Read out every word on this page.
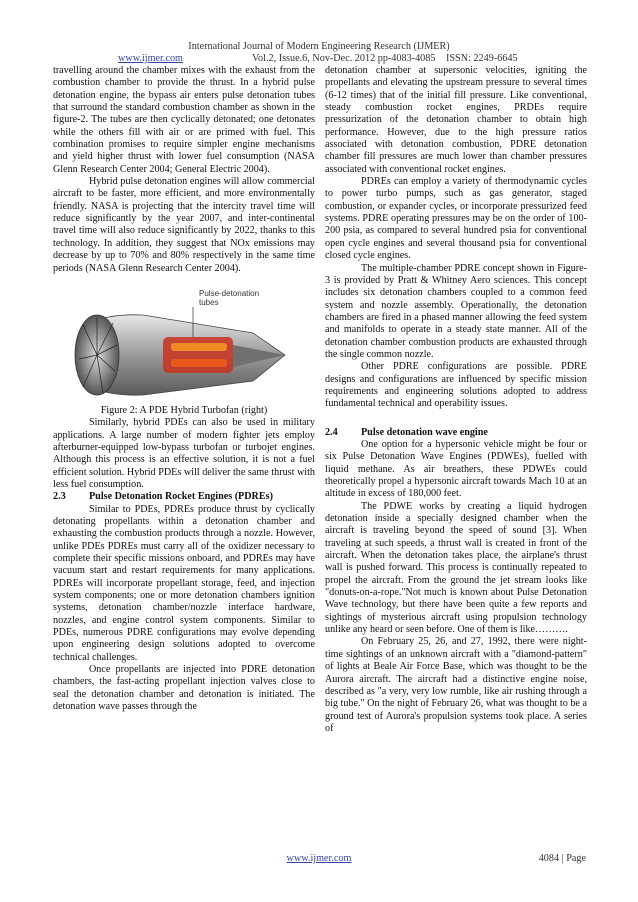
International Journal of Modern Engineering Research (IJMER)
www.ijmer.com	Vol.2, Issue.6, Nov-Dec. 2012 pp-4083-4085 ISSN: 2249-6645

travelling around the chamber mixes with the exhaust from the combustion chamber to provide the thrust. In a hybrid pulse detonation engine, the bypass air enters pulse detonation tubes that surround the standard combustion chamber as shown in the figure-2. The tubes are then cyclically detonated; one detonates while the others fill with air or are primed with fuel. This combination promises to require simpler engine mechanisms and yield higher thrust with lower fuel consumption (NASA Glenn Research Center 2004; General Electric 2004).

Hybrid pulse detonation engines will allow commercial aircraft to be faster, more efficient, and more environmentally friendly. NASA is projecting that the intercity travel time will reduce significantly by the year 2007, and inter-continental travel time will also reduce significantly by 2022, thanks to this technology. In addition, they suggest that NOx emissions may decrease by up to 70% and 80% respectively in the same time periods (NASA Glenn Research Center 2004).

Pulse-detonation tubes

Figure 2: A PDE Hybrid Turbofan (right)

Similarly, hybrid PDEs can also be used in military applications. A large number of modern fighter jets employ afterburner-equipped low-bypass turbofan or turbojet engines. Although this process is an effective solution, it is not a fuel efficient solution. Hybrid PDEs will deliver the same thrust with less fuel consumption.

2.3 Pulse Detonation Rocket Engines (PDREs)

Similar to PDEs, PDREs produce thrust by cyclically detonating propellants within a detonation chamber and exhausting the combustion products through a nozzle. However, unlike PDEs PDREs must carry all of the oxidizer necessary to complete their specific missions onboard, and PDREs may have vacuum start and restart requirements for many applications. PDREs will incorporate propellant storage, feed, and injection system components; one or more detonation chambers ignition systems, detonation chamber/nozzle interface hardware, nozzles, and engine control system components. Similar to PDEs, numerous PDRE configurations may evolve depending upon engineering design solutions adopted to overcome technical challenges.

Once propellants are injected into PDRE detonation chambers, the fast-acting propellant injection valves close to seal the detonation chamber and detonation is initiated. The detonation wave passes through the

detonation chamber at supersonic velocities, igniting the propellants and elevating the upstream pressure to several times (6-12 times) that of the initial fill pressure. Like conventional, steady combustion rocket engines, PRDEs require pressurization of the detonation chamber to obtain high performance. However, due to the high pressure ratios associated with detonation combustion, PDRE detonation chamber fill pressures are much lower than chamber pressures associated with conventional rocket engines.

PDREs can employ a variety of thermodynamic cycles to power turbo pumps, such as gas generator, staged combustion, or expander cycles, or incorporate pressurized feed systems. PDRE operating pressures may be on the order of 100-200 psia, as compared to several hundred psia for conventional open cycle engines and several thousand psia for conventional closed cycle engines.

The multiple-chamber PDRE concept shown in Figure-3 is provided by Pratt & Whitney Aero sciences. This concept includes six detonation chambers coupled to a common feed system and nozzle assembly. Operationally, the detonation chambers are fired in a phased manner allowing the feed system and manifolds to operate in a steady state manner. All of the detonation chamber combustion products are exhausted through the single common nozzle.

Other PDRE configurations are possible. PDRE designs and configurations are influenced by specific mission requirements and engineering solutions adopted to address fundamental technical and operability issues.

2.4 Pulse detonation wave engine

One option for a hypersonic vehicle might be four or six Pulse Detonation Wave Engines (PDWEs), fuelled with liquid methane. As air breathers, these PDWEs could theoretically propel a hypersonic aircraft towards Mach 10 at an altitude in excess of 180,000 feet.

The PDWE works by creating a liquid hydrogen detonation inside a specially designed chamber when the aircraft is traveling beyond the speed of sound [3]. When traveling at such speeds, a thrust wall is created in front of the aircraft. When the detonation takes place, the airplane's thrust wall is pushed forward. This process is continually repeated to propel the aircraft. From the ground the jet stream looks like "donuts-on-a-rope."Not much is known about Pulse Detonation Wave technology, but there have been quite a few reports and sightings of mysterious aircraft using propulsion technology unlike any heard or seen before. One of them is like……….

On February 25, 26, and 27, 1992, there were night-time sightings of an unknown aircraft with a "diamond-pattern" of lights at Beale Air Force Base, which was thought to be the Aurora aircraft. The aircraft had a distinctive engine noise, described as "a very, very low rumble, like air rushing through a big tube." On the night of February 26, what was thought to be a ground test of Aurora's propulsion systems took place. A series of

www.ijmer.com	4084 | Page
